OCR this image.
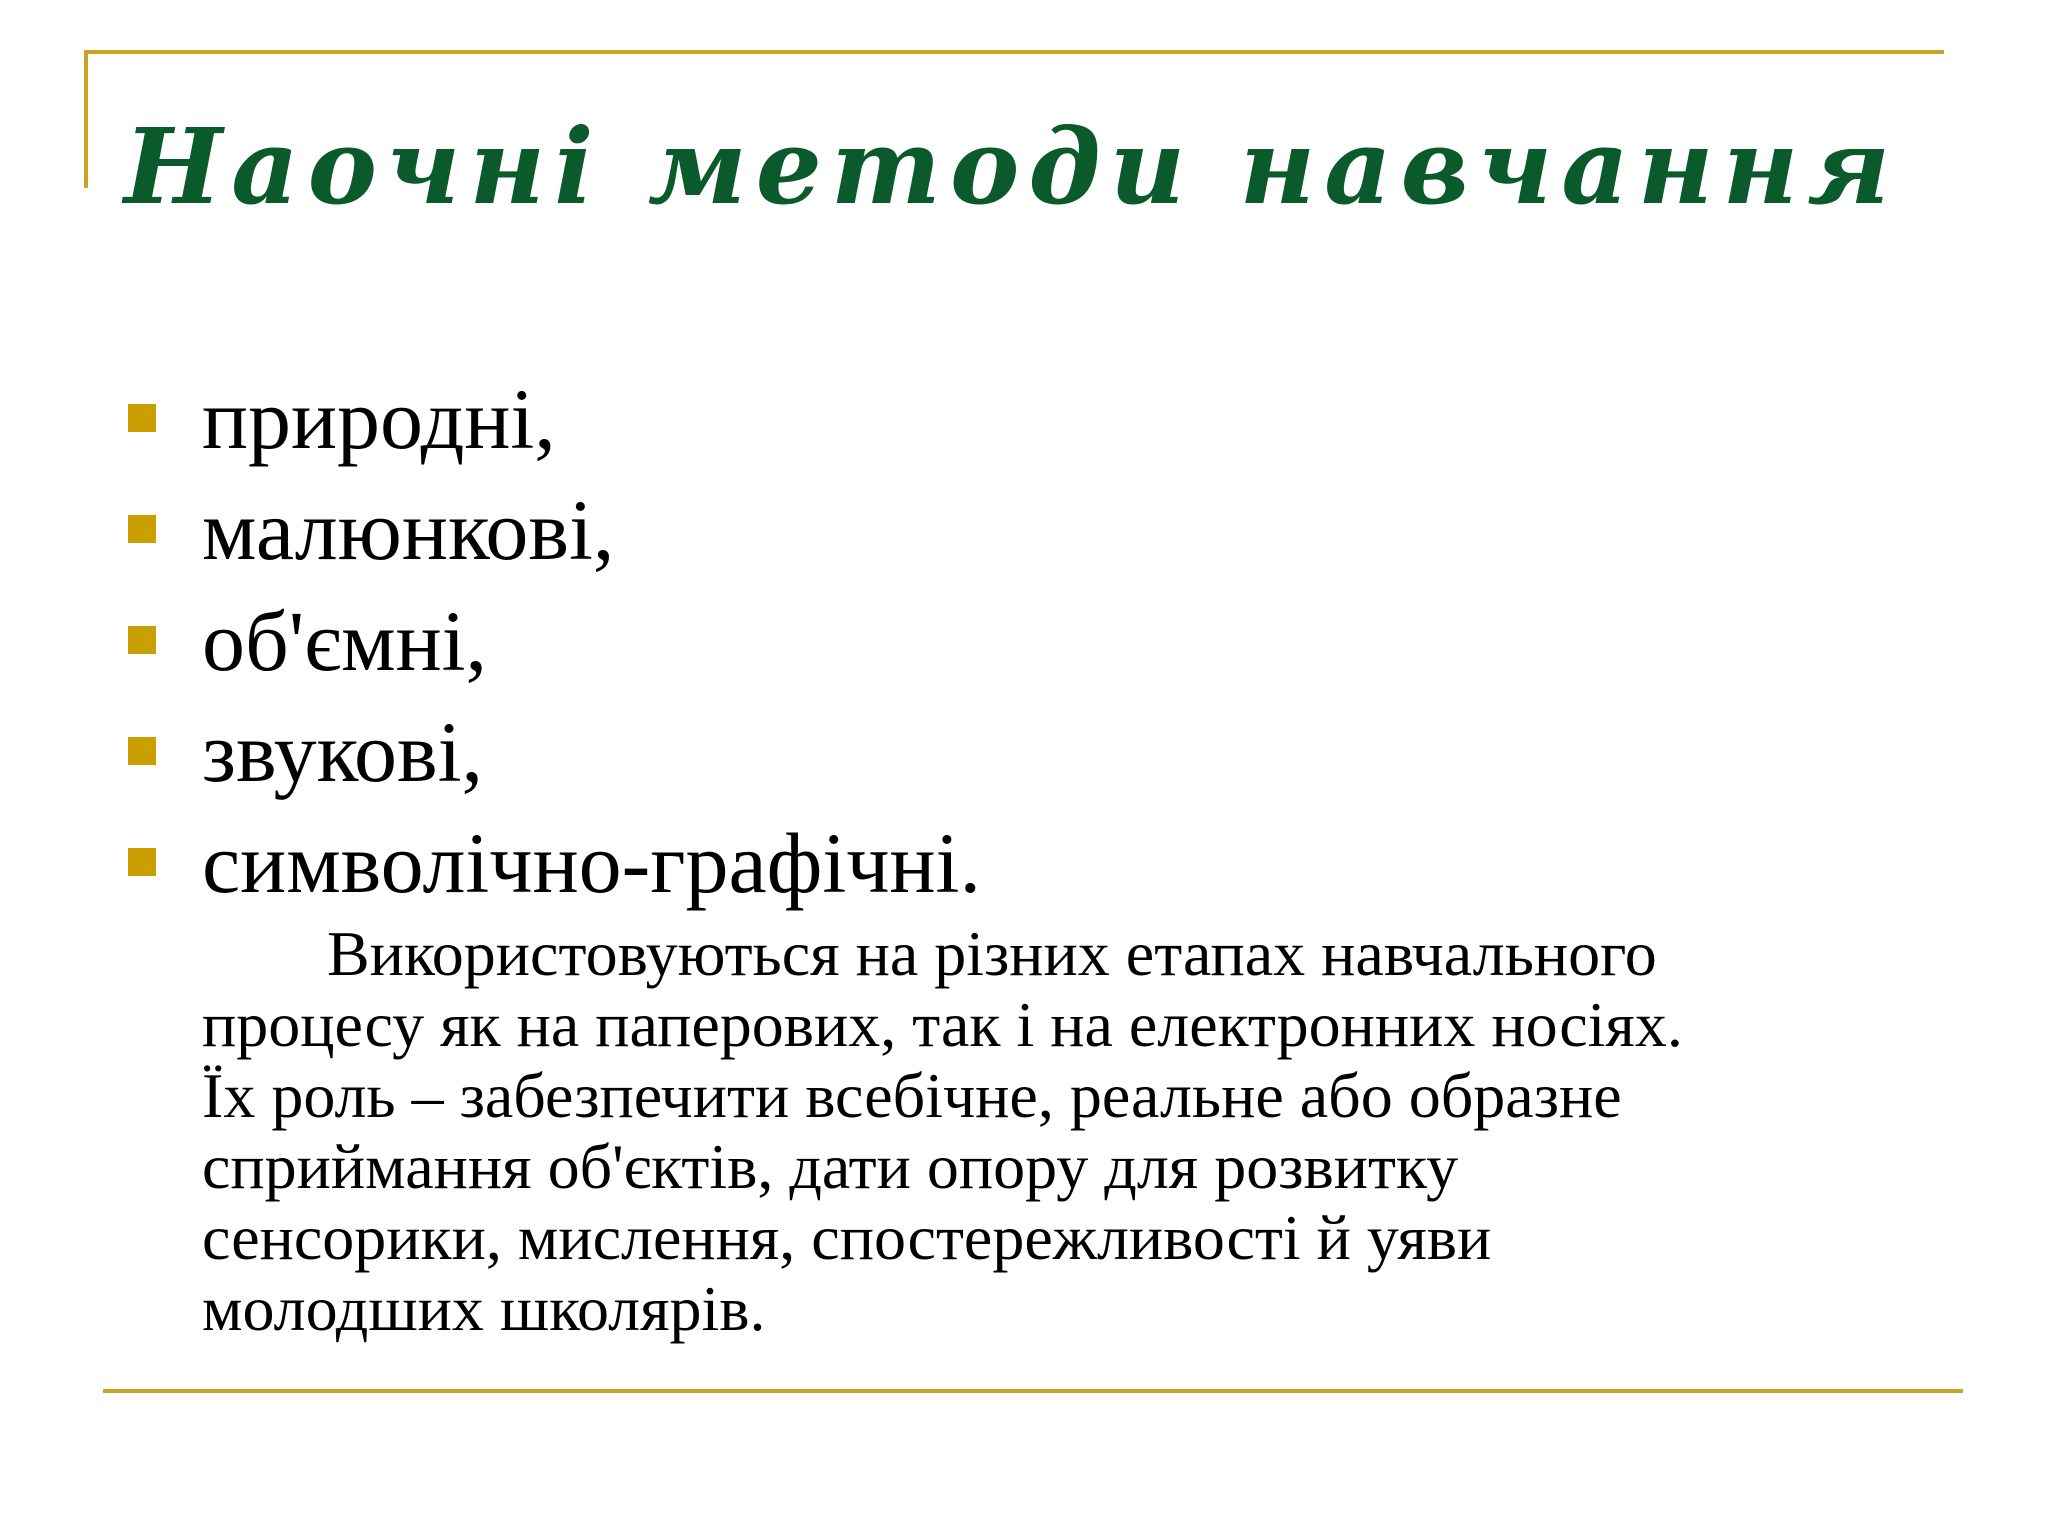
Наочні методи навчання
природні,
малюнкові,
об'ємні,
звукові,
символічно-графічні.

Використовуються на різних етапах навчального
процесу як на паперових, так і на електронних носіях.
Їх роль – забезпечити всебічне, реальне або образне
сприймання об'єктів, дати опору для розвитку
сенсорики, мислення, спостережливості й уяви
молодших школярів.
